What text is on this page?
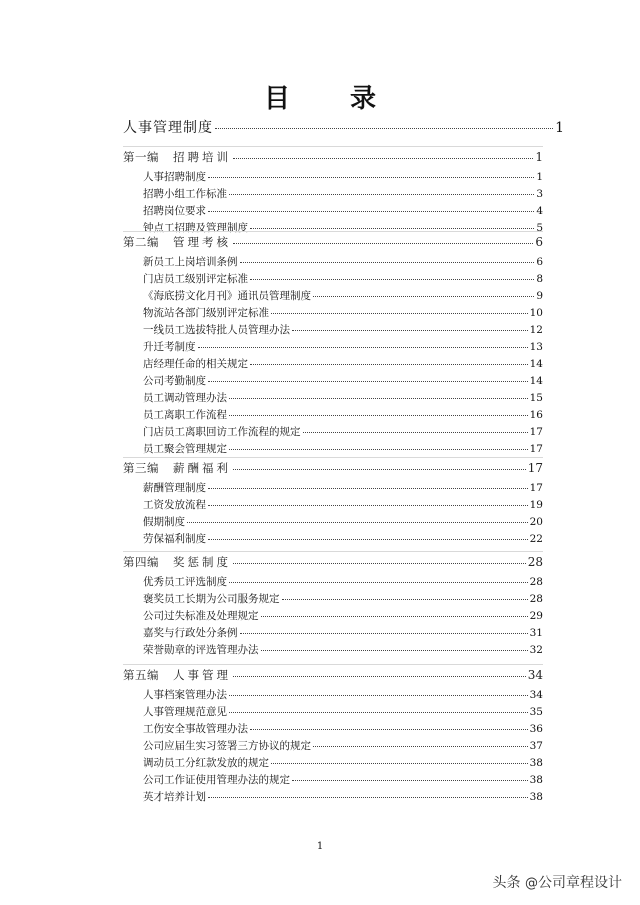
目录
人事管理制度	1
第一编 招聘培训	1
人事招聘制度	1
招聘小组工作标准	3
招聘岗位要求	4
钟点工招聘及管理制度	5
第二编 管理考核	6
新员工上岗培训条例	6
门店员工级别评定标准	8
《海底捞文化月刊》通讯员管理制度	9
物流站各部门级别评定标准	10
一线员工选拔特批人员管理办法	12
升迁考制度	13
店经理任命的相关规定	14
公司考勤制度	14
员工调动管理办法	15
员工离职工作流程	16
门店员工离职回访工作流程的规定	17
员工聚会管理规定	17
第三编 薪酬福利	17
薪酬管理制度	17
工资发放流程	19
假期制度	20
劳保福利制度	22
第四编 奖惩制度	28
优秀员工评选制度	28
褒奖员工长期为公司服务规定	28
公司过失标准及处理规定	29
嘉奖与行政处分条例	31
荣誉勋章的评选管理办法	32
第五编 人事管理	34
人事档案管理办法	34
人事管理规范意见	35
工伤安全事故管理办法	36
公司应届生实习签署三方协议的规定	37
调动员工分红款发放的规定	38
公司工作证使用管理办法的规定	38
英才培养计划	38
1
头条 @公司章程设计
